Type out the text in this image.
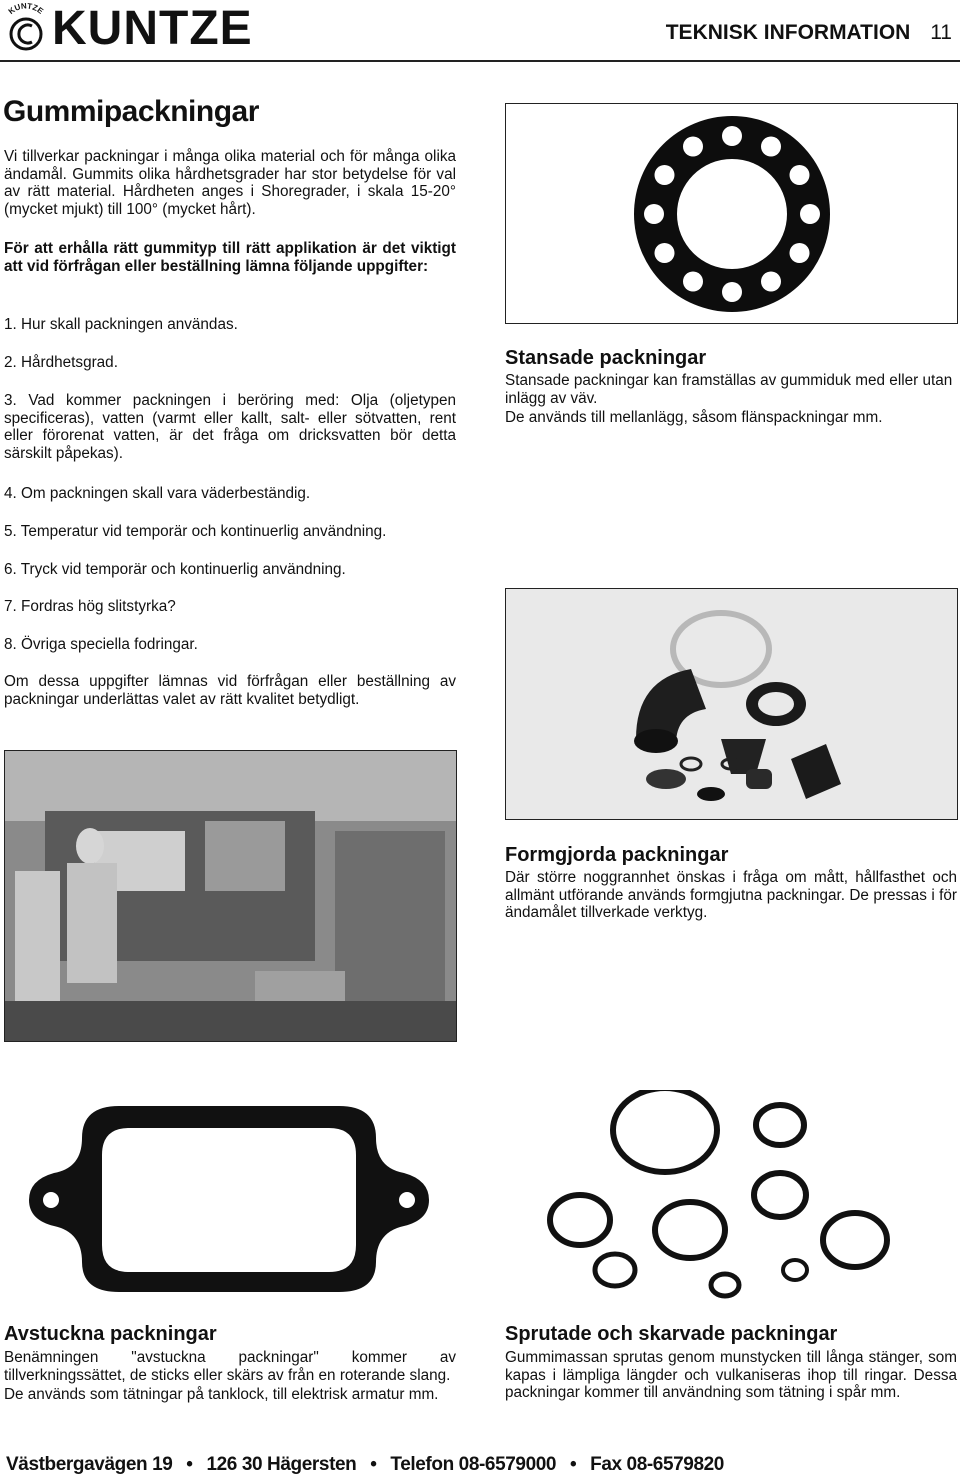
KUNTZE KUNTZE	TEKNISK INFORMATION 11
Gummipackningar

Vi tillverkar packningar i många olika material och för många olika ändamål. Gummits olika hårdhetsgrader har stor betydelse för val av rätt material. Hårdheten anges i Shoregrader, i skala 15-20° (mycket mjukt) till 100° (mycket hårt).

För att erhålla rätt gummityp till rätt applikation är det viktigt att vid förfrågan eller beställning lämna följande uppgifter:

1. Hur skall packningen användas.

2. Hårdhetsgrad.

3. Vad kommer packningen i beröring med: Olja (oljetypen specificeras), vatten (varmt eller kallt, salt- eller sötvatten, rent eller förorenat vatten, är det fråga om dricksvatten bör detta särskilt påpekas).

4. Om packningen skall vara väderbeständig.

5. Temperatur vid temporär och kontinuerlig användning.

6. Tryck vid temporär och kontinuerlig användning.

7. Fordras hög slitstyrka?

8. Övriga speciella fodringar.

Om dessa uppgifter lämnas vid förfrågan eller beställning av packningar underlättas valet av rätt kvalitet betydligt.

Stansade packningar

Stansade packningar kan framställas av gummiduk med eller utan inlägg av väv.

De används till mellanlägg, såsom flänspackningar mm.

Formgjorda packningar

Där större noggrannhet önskas i fråga om mått, hållfasthet och allmänt utförande används formgjutna packningar. De pressas i för ändamålet tillverkade verktyg.

Avstuckna packningar

Benämningen "avstuckna packningar" kommer av tillverkningssättet, de sticks eller skärs av från en roterande slang.

De används som tätningar på tanklock, till elektrisk armatur mm.

Sprutade och skarvade packningar

Gummimassan sprutas genom munstycken till långa stänger, som kapas i lämpliga längder och vulkaniseras ihop till ringar. Dessa packningar kommer till användning som tätning i spår mm.

Västbergavägen 19 • 126 30 Hägersten • Telefon 08-6579000 • Fax 08-6579820
